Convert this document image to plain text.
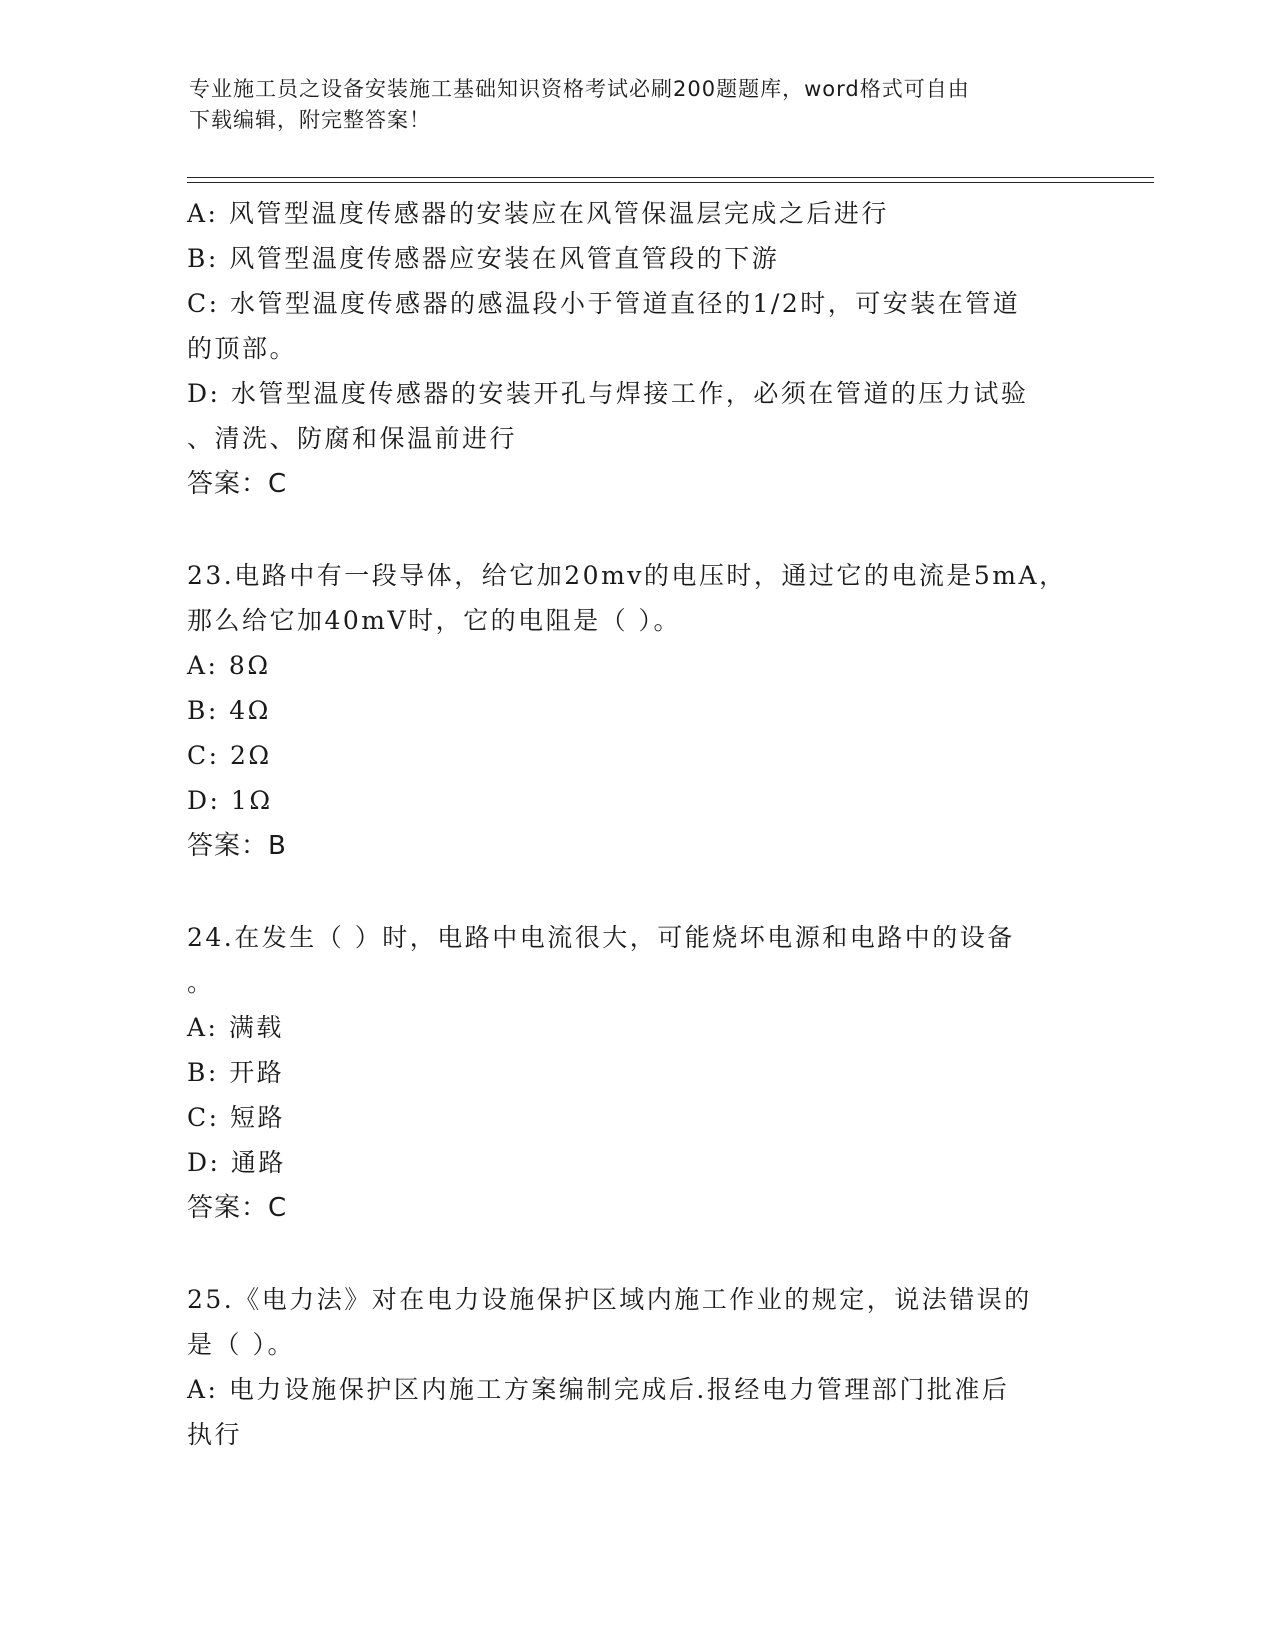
专业施工员之设备安装施工基础知识资格考试必刷200题题库，word格式可自由
下载编辑，附完整答案！
A: 风管型温度传感器的安装应在风管保温层完成之后进行
B: 风管型温度传感器应安装在风管直管段的下游
C: 水管型温度传感器的感温段小于管道直径的1/2时，可安装在管道
的顶部。
D: 水管型温度传感器的安装开孔与焊接工作，必须在管道的压力试验
、清洗、防腐和保温前进行
答案：C
23.电路中有一段导体，给它加20mv的电压时，通过它的电流是5mA，
那么给它加40mV时，它的电阻是（ ）。
A: 8Ω
B: 4Ω
C: 2Ω
D: 1Ω
答案：B
24.在发生（ ）时，电路中电流很大，可能烧坏电源和电路中的设备
。
A: 满载
B: 开路
C: 短路
D: 通路
答案：C
25.《电力法》对在电力设施保护区域内施工作业的规定，说法错误的
是（ ）。
A: 电力设施保护区内施工方案编制完成后.报经电力管理部门批准后
执行
